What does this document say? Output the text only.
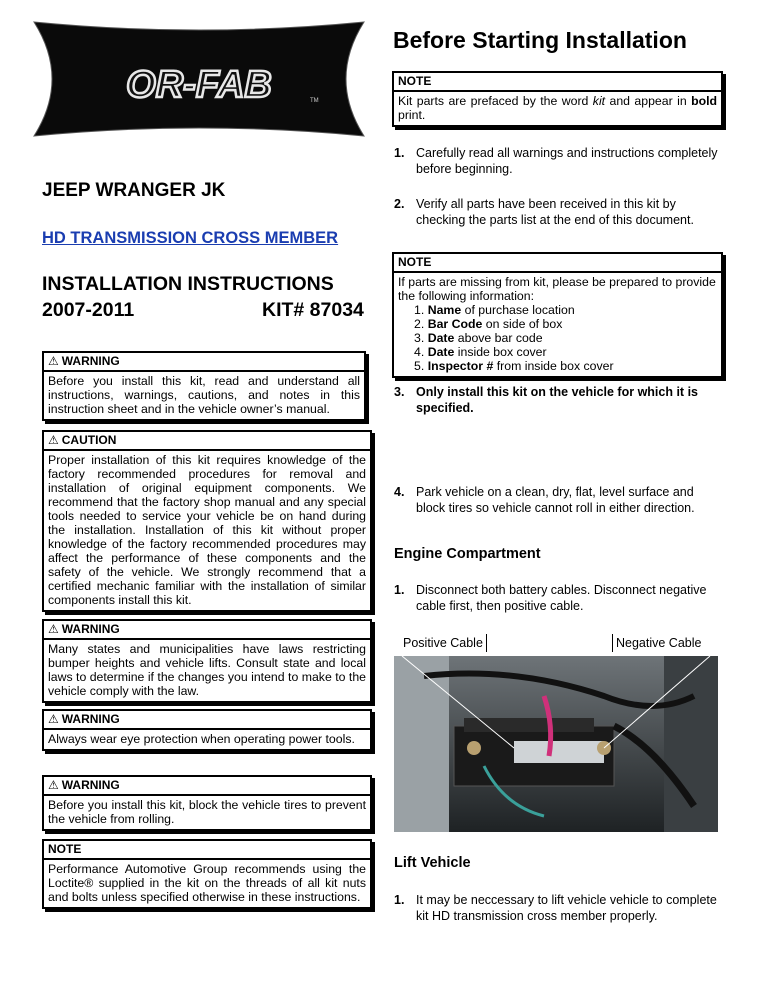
OR-FAB	TM
JEEP WRANGER JK
HD TRANSMISSION CROSS MEMBER
INSTALLATION INSTRUCTIONS
2007-2011	KIT# 87034
⚠ WARNING
Before you install this kit, read and understand all instructions, warnings, cautions, and notes in this instruction sheet and in the vehicle owner’s manual.
⚠ CAUTION
Proper installation of this kit requires knowledge of the factory recommended procedures for removal and installation of original equipment components. We recommend that the factory shop manual and any special tools needed to service your vehicle be on hand during the installation. Installation of this kit without proper knowledge of the factory recommended procedures may affect the performance of these components and the safety of the vehicle. We strongly recommend that a certified mechanic familiar with the installation of similar components install this kit.
⚠ WARNING
Many states and municipalities have laws restricting bumper heights and vehicle lifts. Consult state and local laws to determine if the changes you intend to make to the vehicle comply with the law.
⚠ WARNING
Always wear eye protection when operating power tools.
⚠ WARNING
Before you install this kit, block the vehicle tires to prevent the vehicle from rolling.
NOTE
Performance Automotive Group recommends using the Loctite® supplied in the kit on the threads of all kit nuts and bolts unless specified otherwise in these instructions.
Before Starting Installation
NOTE
Kit parts are prefaced by the word kit and appear in bold print.
1. Carefully read all warnings and instructions completely before beginning.
2. Verify all parts have been received in this kit by checking the parts list at the end of this document.
NOTE
If parts are missing from kit, please be prepared to provide the following information:
1. Name of purchase location
2. Bar Code on side of box
3. Date above bar code
4. Date inside box cover
5. Inspector # from inside box cover
3. Only install this kit on the vehicle for which it is specified.
4. Park vehicle on a clean, dry, flat, level surface and block tires so vehicle cannot roll in either direction.
Engine Compartment
1. Disconnect both battery cables. Disconnect negative cable first, then positive cable.
Positive Cable	Negative Cable
Lift Vehicle
1. It may be neccessary to lift vehicle vehicle to complete kit HD transmission cross member properly.
